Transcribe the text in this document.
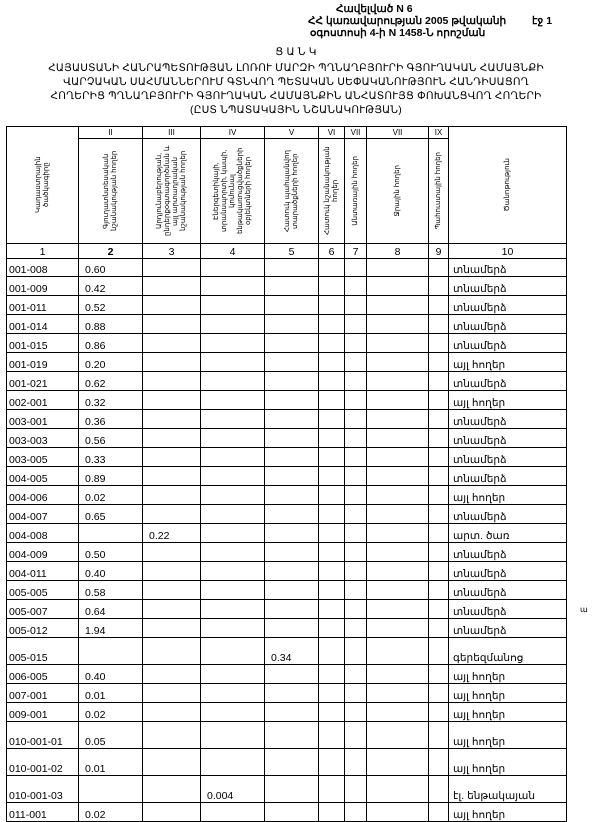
Հավելված N 6
ՀՀ կառավարության 2005 թվականի էջ 1
օգոստոսի 4-ի N 1458-Ն որոշման
Ց Ա Ն Կ
ՀԱՅԱՍՏԱՆԻ ՀԱՆՐԱՊԵՏՈՒԹՅԱՆ ԼՈՌՈՒ ՄԱՐԶԻ ՊՂՆԱՂԲՅՈՒՐԻ ԳՅՈՒՂԱԿԱՆ ՀԱՄԱՅՆՔԻ
ՎԱՐՉԱԿԱՆ ՍԱՀՄԱՆՆԵՐՈՒՄ ԳՏՆՎՈՂ ՊԵՏԱԿԱՆ ՍԵՓԱԿԱՆՈՒԹՅՈՒՆ ՀԱՆԴԻՍԱՑՈՂ
ՀՈՂԵՐԻՑ ՊՂՆԱՂԲՅՈՒՐԻ ԳՅՈՒՂԱԿԱՆ ՀԱՄԱՅՆՔԻՆ ԱՆՀԱՏՈՒՅՑ ՓՈԽԱՆՑՎՈՂ ՀՈՂԵՐԻ
(ԸՍՏ ՆՊԱՏԱԿԱՅԻՆ ՆՇԱՆԱԿՈՒԹՅԱՆ)
Կադաստրային ծածկագիրը	II	III	IV	V	VI	VII	VII	IX	Ծանոթություն

	Գյուղատնտեսական նշանակության հողեր	Արդյունաբերության, ընդերքօգտագործման և այլ արտադրական նշանակության հողեր	Էներգետիկայի, տրանսպորտի, կապի, կոմունալ ենթակառուցվածքների օբյեկտների հողեր	Հատուկ պահպանվող տարածքների հողեր	Հատուկ նշանակության հողեր	Անտառային հողեր	Ջրային հողեր	Պահուստային հողեր	

1	2	3	4	5	6	7	8	9	10
001-008	0.60								տնամերձ
001-009	0.42								տնամերձ
001-011	0.52								տնամերձ
001-014	0.88								տնամերձ
001-015	0.86								տնամերձ
001-019	0.20								այլ հողեր
001-021	0.62								տնամերձ
002-001	0.32								այլ հողեր
003-001	0.36								տնամերձ
003-003	0.56								տնամերձ
003-005	0.33								տնամերձ
004-005	0.89								տնամերձ
004-006	0.02								այլ հողեր
004-007	0.65								տնամերձ
004-008		0.22							արտ. ծառ
004-009	0.50								տնամերձ
004-011	0.40								տնամերձ
005-005	0.58								տնամերձ
005-007	0.64								տնամերձ
005-012	1.94								տնամերձ
005-015				0.34					գերեզմանոց
006-005	0.40								այլ հողեր
007-001	0.01								այլ հողեր
009-001	0.02								այլ հողեր
010-001-01	0.05								այլ հողեր
010-001-02	0.01								այլ հողեր
010-001-03			0.004						էլ. ենթակայան
011-001	0.02								այլ հողեր
ա
